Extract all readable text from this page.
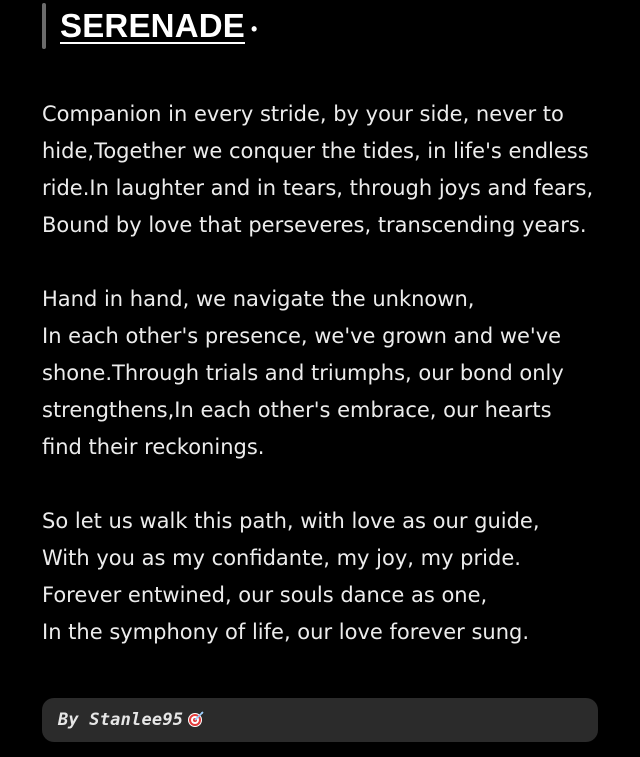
SERENADE •

Companion in every stride, by your side, never to
hide,Together we conquer the tides, in life's endless
ride.In laughter and in tears, through joys and fears,
Bound by love that perseveres, transcending years.

Hand in hand, we navigate the unknown,
In each other's presence, we've grown and we've
shone.Through trials and triumphs, our bond only
strengthens,In each other's embrace, our hearts
find their reckonings.

So let us walk this path, with love as our guide,
With you as my confidante, my joy, my pride.
Forever entwined, our souls dance as one,
In the symphony of life, our love forever sung.

By Stanlee95
